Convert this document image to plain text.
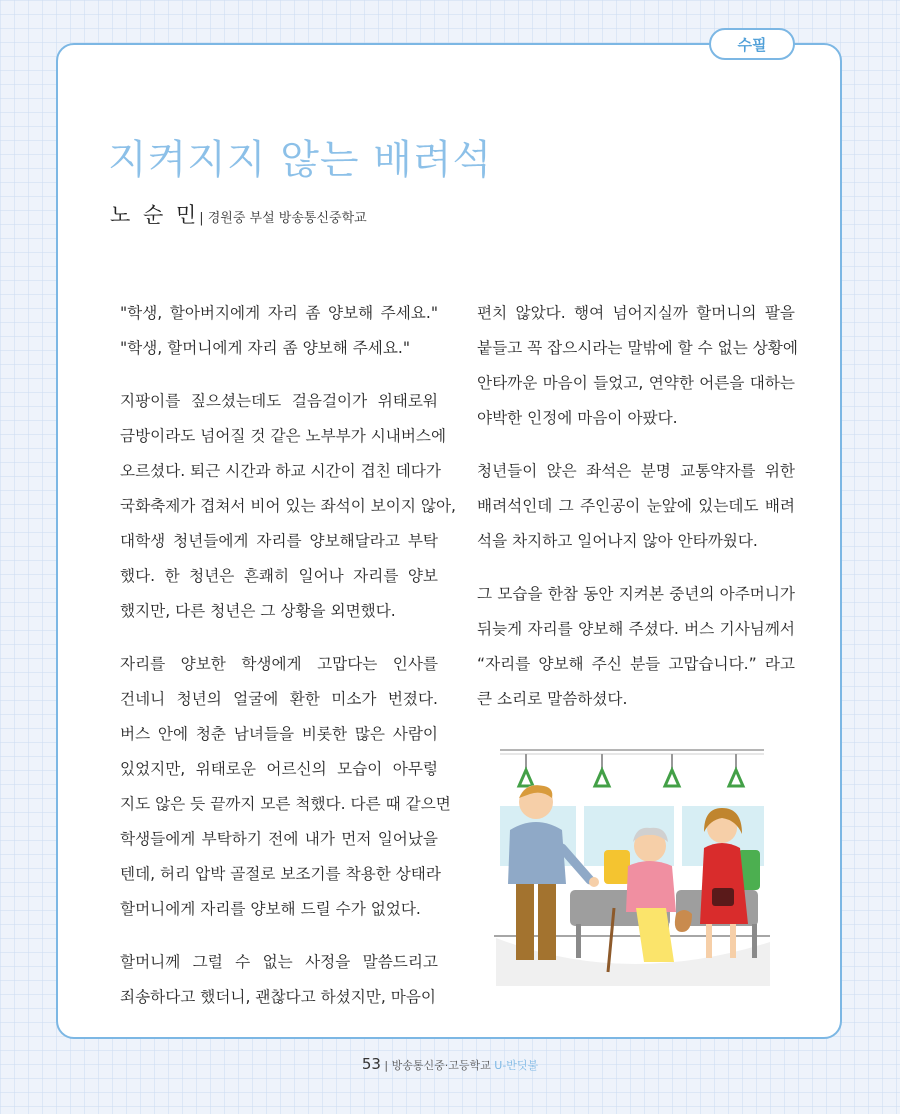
수필
지켜지지 않는 배려석
노 순 민| 경원중 부설 방송통신중학교

"학생, 할아버지에게 자리 좀 양보해 주세요."
"학생, 할머니에게 자리 좀 양보해 주세요."

지팡이를 짚으셨는데도 걸음걸이가 위태로워
금방이라도 넘어질 것 같은 노부부가 시내버스에
오르셨다. 퇴근 시간과 하교 시간이 겹친 데다가
국화축제가 겹쳐서 비어 있는 좌석이 보이지 않아,
대학생 청년들에게 자리를 양보해달라고 부탁
했다. 한 청년은 흔쾌히 일어나 자리를 양보
했지만, 다른 청년은 그 상황을 외면했다.

자리를 양보한 학생에게 고맙다는 인사를
건네니 청년의 얼굴에 환한 미소가 번졌다.
버스 안에 청춘 남녀들을 비롯한 많은 사람이
있었지만, 위태로운 어르신의 모습이 아무렇
지도 않은 듯 끝까지 모른 척했다. 다른 때 같으면
학생들에게 부탁하기 전에 내가 먼저 일어났을
텐데, 허리 압박 골절로 보조기를 착용한 상태라
할머니에게 자리를 양보해 드릴 수가 없었다.

할머니께 그럴 수 없는 사정을 말씀드리고
죄송하다고 했더니, 괜찮다고 하셨지만, 마음이

편치 않았다. 행여 넘어지실까 할머니의 팔을
붙들고 꼭 잡으시라는 말밖에 할 수 없는 상황에
안타까운 마음이 들었고, 연약한 어른을 대하는
야박한 인정에 마음이 아팠다.

청년들이 앉은 좌석은 분명 교통약자를 위한
배려석인데 그 주인공이 눈앞에 있는데도 배려
석을 차지하고 일어나지 않아 안타까웠다.

그 모습을 한참 동안 지켜본 중년의 아주머니가
뒤늦게 자리를 양보해 주셨다. 버스 기사님께서
“자리를 양보해 주신 분들 고맙습니다.” 라고
큰 소리로 말씀하셨다.

53 | 방송통신중·고등학교 U-반딧불
